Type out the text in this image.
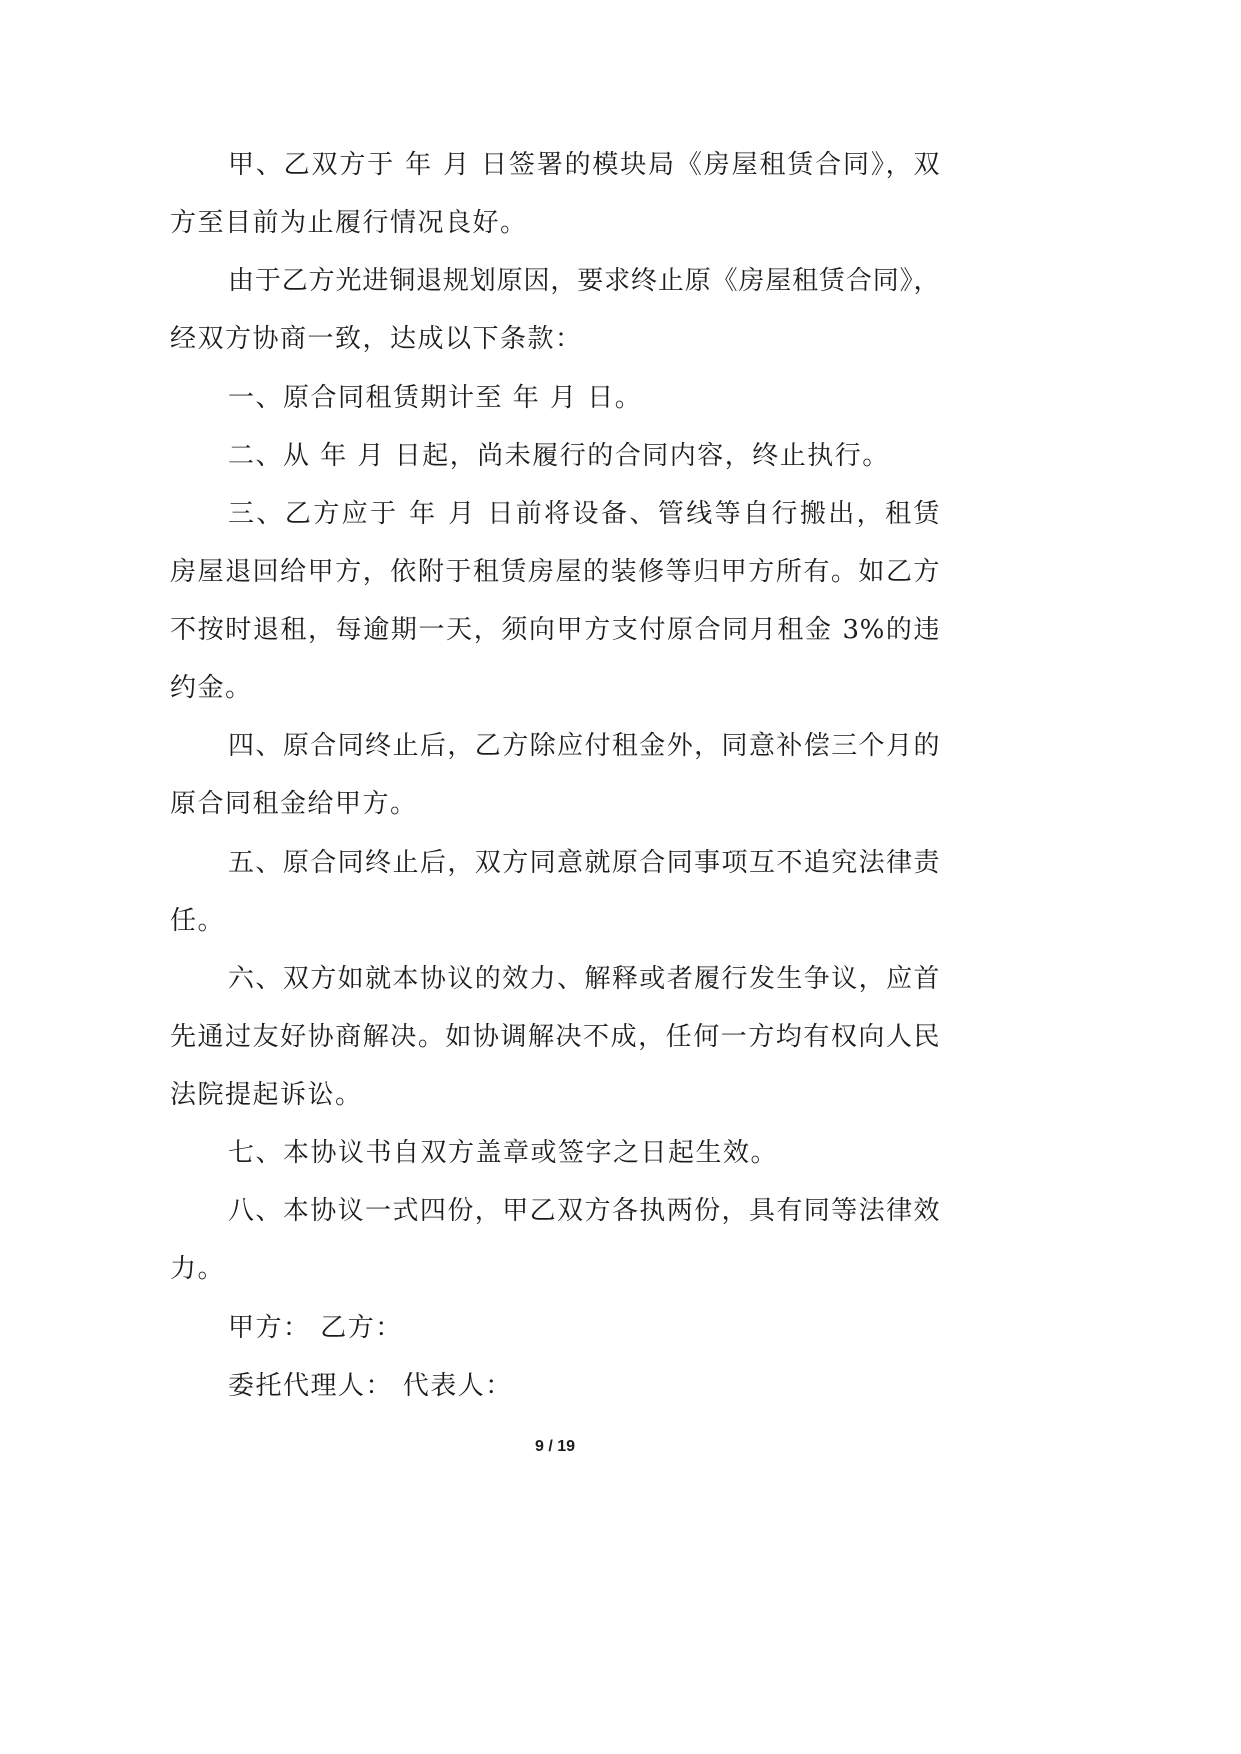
甲、乙双方于 年 月 日签署的模块局《房屋租赁合同》，双
方至目前为止履行情况良好。
由于乙方光进铜退规划原因，要求终止原《房屋租赁合同》，
经双方协商一致，达成以下条款：
一、原合同租赁期计至 年 月 日。
二、从 年 月 日起，尚未履行的合同内容，终止执行。
三、乙方应于 年 月 日前将设备、管线等自行搬出，租赁
房屋退回给甲方，依附于租赁房屋的装修等归甲方所有。如乙方
不按时退租，每逾期一天，须向甲方支付原合同月租金 3%的违
约金。
四、原合同终止后，乙方除应付租金外，同意补偿三个月的
原合同租金给甲方。
五、原合同终止后，双方同意就原合同事项互不追究法律责
任。
六、双方如就本协议的效力、解释或者履行发生争议，应首
先通过友好协商解决。如协调解决不成，任何一方均有权向人民
法院提起诉讼。
七、本协议书自双方盖章或签字之日起生效。
八、本协议一式四份，甲乙双方各执两份，具有同等法律效
力。
甲方： 乙方：
委托代理人： 代表人：
9 / 19
